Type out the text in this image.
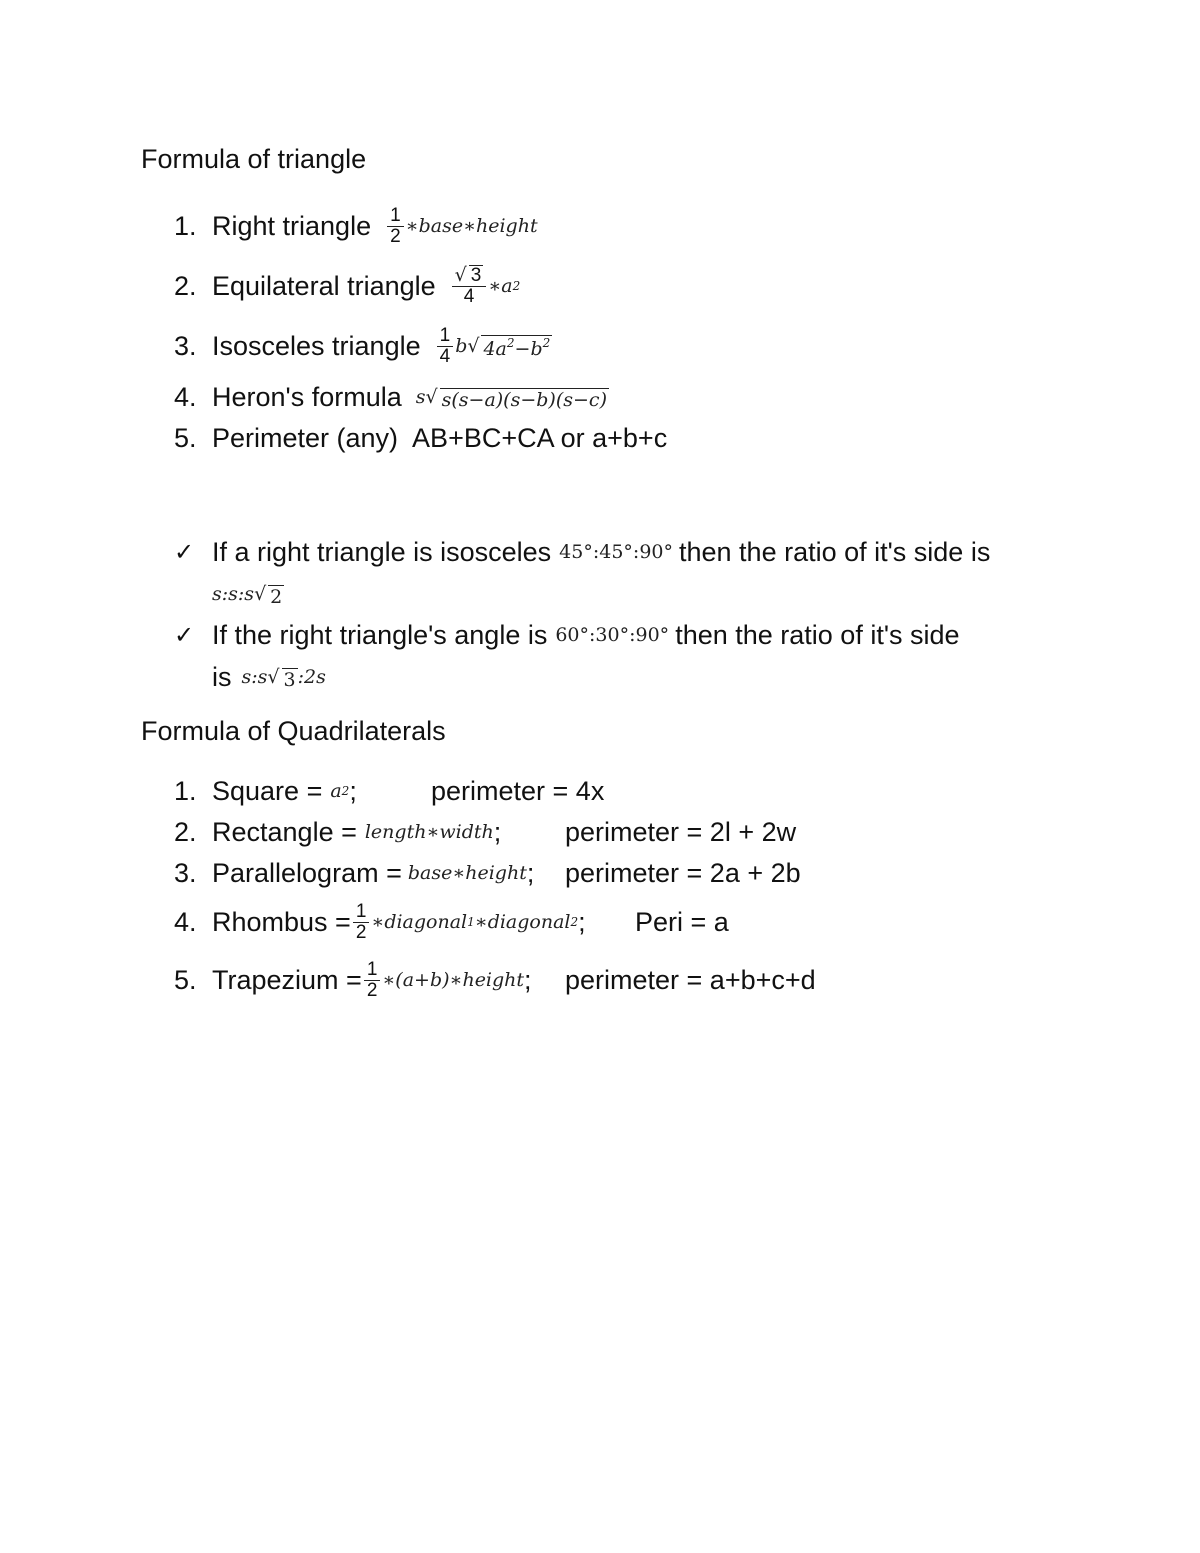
Formula of triangle
1. Right triangle $\frac{1}{2}$ ∗base∗height
2. Equilateral triangle $\frac{√ 3}{4}$ ∗a 2
3. Isosceles triangle $\frac{1}{4}$ b √ $4a^2-b^2$
4. Heron's formula s √ s(s−a)(s−b)(s−c)
5. Perimeter (any) AB+BC+CA or a+b+c
✓ If a right triangle is isosceles 45°:45°:90° then the ratio of it's side is
s:s:s √ 2
✓ If the right triangle's angle is 60°:30°:90° then the ratio of it's side
is s:s √ 3 :2s
Formula of Quadrilaterals
1. Square = a 2 ;	perimeter = 4x
2. Rectangle = length∗width ; perimeter = 2l + 2w
3. Parallelogram = base∗height ; perimeter = 2a + 2b
4. Rhombus = $\frac{1}{2}$ ∗diagonal 1 ∗diagonal 2 ; Peri = a
5. Trapezium = $\frac{1}{2}$ ∗(a+b)∗height ; perimeter = a+b+c+d
